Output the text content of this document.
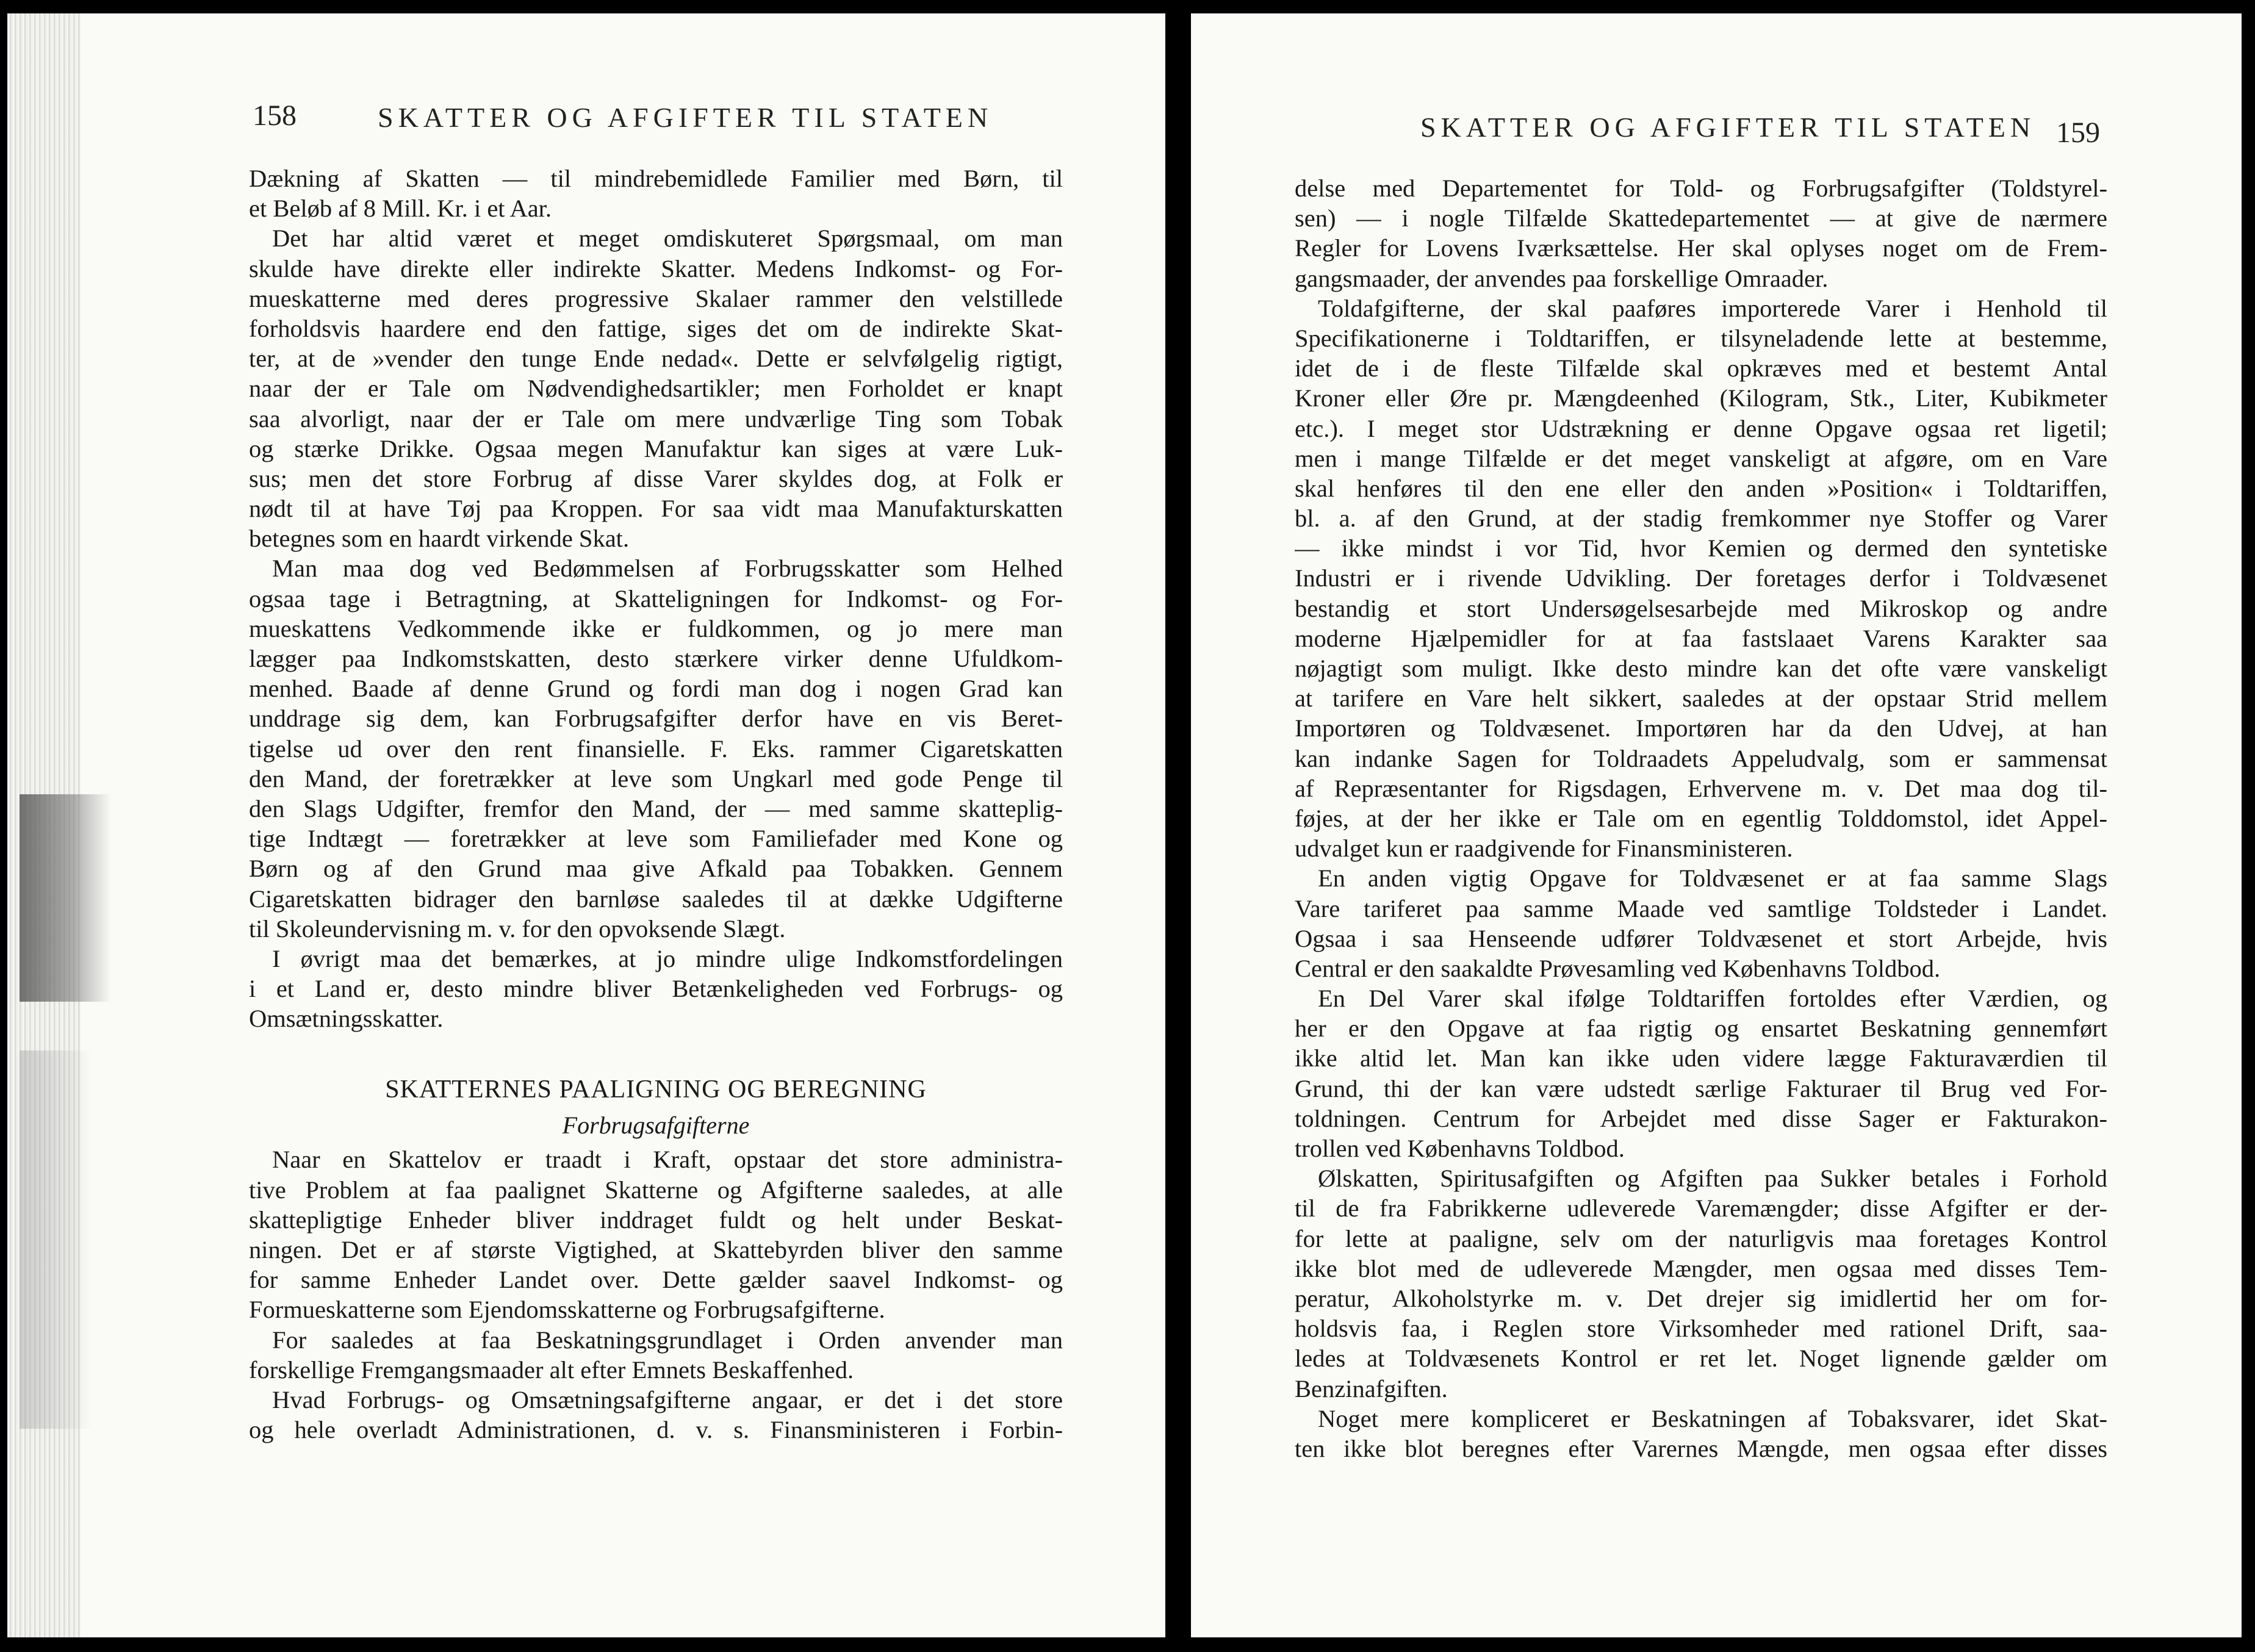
158	SKATTER OG AFGIFTER TIL STATEN
Dækning af Skatten — til mindrebemidlede Familier med Børn, til
et Beløb af 8 Mill. Kr. i et Aar.
Det har altid været et meget omdiskuteret Spørgsmaal, om man
skulde have direkte eller indirekte Skatter. Medens Indkomst- og For-
mueskatterne med deres progressive Skalaer rammer den velstillede
forholdsvis haardere end den fattige, siges det om de indirekte Skat-
ter, at de »vender den tunge Ende nedad«. Dette er selvfølgelig rigtigt,
naar der er Tale om Nødvendighedsartikler; men Forholdet er knapt
saa alvorligt, naar der er Tale om mere undværlige Ting som Tobak
og stærke Drikke. Ogsaa megen Manufaktur kan siges at være Luk-
sus; men det store Forbrug af disse Varer skyldes dog, at Folk er
nødt til at have Tøj paa Kroppen. For saa vidt maa Manufakturskatten
betegnes som en haardt virkende Skat.
Man maa dog ved Bedømmelsen af Forbrugsskatter som Helhed
ogsaa tage i Betragtning, at Skatteligningen for Indkomst- og For-
mueskattens Vedkommende ikke er fuldkommen, og jo mere man
lægger paa Indkomstskatten, desto stærkere virker denne Ufuldkom-
menhed. Baade af denne Grund og fordi man dog i nogen Grad kan
unddrage sig dem, kan Forbrugsafgifter derfor have en vis Beret-
tigelse ud over den rent finansielle. F. Eks. rammer Cigaretskatten
den Mand, der foretrækker at leve som Ungkarl med gode Penge til
den Slags Udgifter, fremfor den Mand, der — med samme skatteplig-
tige Indtægt — foretrækker at leve som Familiefader med Kone og
Børn og af den Grund maa give Afkald paa Tobakken. Gennem
Cigaretskatten bidrager den barnløse saaledes til at dække Udgifterne
til Skoleundervisning m. v. for den opvoksende Slægt.
I øvrigt maa det bemærkes, at jo mindre ulige Indkomstfordelingen
i et Land er, desto mindre bliver Betænkeligheden ved Forbrugs- og
Omsætningsskatter.
SKATTERNES PAALIGNING OG BEREGNING
Forbrugsafgifterne
Naar en Skattelov er traadt i Kraft, opstaar det store administra-
tive Problem at faa paalignet Skatterne og Afgifterne saaledes, at alle
skattepligtige Enheder bliver inddraget fuldt og helt under Beskat-
ningen. Det er af største Vigtighed, at Skattebyrden bliver den samme
for samme Enheder Landet over. Dette gælder saavel Indkomst- og
Formueskatterne som Ejendomsskatterne og Forbrugsafgifterne.
For saaledes at faa Beskatningsgrundlaget i Orden anvender man
forskellige Fremgangsmaader alt efter Emnets Beskaffenhed.
Hvad Forbrugs- og Omsætningsafgifterne angaar, er det i det store
og hele overladt Administrationen, d. v. s. Finansministeren i Forbin-
SKATTER OG AFGIFTER TIL STATEN 159
delse med Departementet for Told- og Forbrugsafgifter (Toldstyrel-
sen) — i nogle Tilfælde Skattedepartementet — at give de nærmere
Regler for Lovens Iværksættelse. Her skal oplyses noget om de Frem-
gangsmaader, der anvendes paa forskellige Omraader.
Toldafgifterne, der skal paaføres importerede Varer i Henhold til
Specifikationerne i Toldtariffen, er tilsyneladende lette at bestemme,
idet de i de fleste Tilfælde skal opkræves med et bestemt Antal
Kroner eller Øre pr. Mængdeenhed (Kilogram, Stk., Liter, Kubikmeter
etc.). I meget stor Udstrækning er denne Opgave ogsaa ret ligetil;
men i mange Tilfælde er det meget vanskeligt at afgøre, om en Vare
skal henføres til den ene eller den anden »Position« i Toldtariffen,
bl. a. af den Grund, at der stadig fremkommer nye Stoffer og Varer
— ikke mindst i vor Tid, hvor Kemien og dermed den syntetiske
Industri er i rivende Udvikling. Der foretages derfor i Toldvæsenet
bestandig et stort Undersøgelsesarbejde med Mikroskop og andre
moderne Hjælpemidler for at faa fastslaaet Varens Karakter saa
nøjagtigt som muligt. Ikke desto mindre kan det ofte være vanskeligt
at tarifere en Vare helt sikkert, saaledes at der opstaar Strid mellem
Importøren og Toldvæsenet. Importøren har da den Udvej, at han
kan indanke Sagen for Toldraadets Appeludvalg, som er sammensat
af Repræsentanter for Rigsdagen, Erhvervene m. v. Det maa dog til-
føjes, at der her ikke er Tale om en egentlig Tolddomstol, idet Appel-
udvalget kun er raadgivende for Finansministeren.
En anden vigtig Opgave for Toldvæsenet er at faa samme Slags
Vare tariferet paa samme Maade ved samtlige Toldsteder i Landet.
Ogsaa i saa Henseende udfører Toldvæsenet et stort Arbejde, hvis
Central er den saakaldte Prøvesamling ved Københavns Toldbod.
En Del Varer skal ifølge Toldtariffen fortoldes efter Værdien, og
her er den Opgave at faa rigtig og ensartet Beskatning gennemført
ikke altid let. Man kan ikke uden videre lægge Fakturaværdien til
Grund, thi der kan være udstedt særlige Fakturaer til Brug ved For-
toldningen. Centrum for Arbejdet med disse Sager er Fakturakon-
trollen ved Københavns Toldbod.
Ølskatten, Spiritusafgiften og Afgiften paa Sukker betales i Forhold
til de fra Fabrikkerne udleverede Varemængder; disse Afgifter er der-
for lette at paaligne, selv om der naturligvis maa foretages Kontrol
ikke blot med de udleverede Mængder, men ogsaa med disses Tem-
peratur, Alkoholstyrke m. v. Det drejer sig imidlertid her om for-
holdsvis faa, i Reglen store Virksomheder med rationel Drift, saa-
ledes at Toldvæsenets Kontrol er ret let. Noget lignende gælder om
Benzinafgiften.
Noget mere kompliceret er Beskatningen af Tobaksvarer, idet Skat-
ten ikke blot beregnes efter Varernes Mængde, men ogsaa efter disses
